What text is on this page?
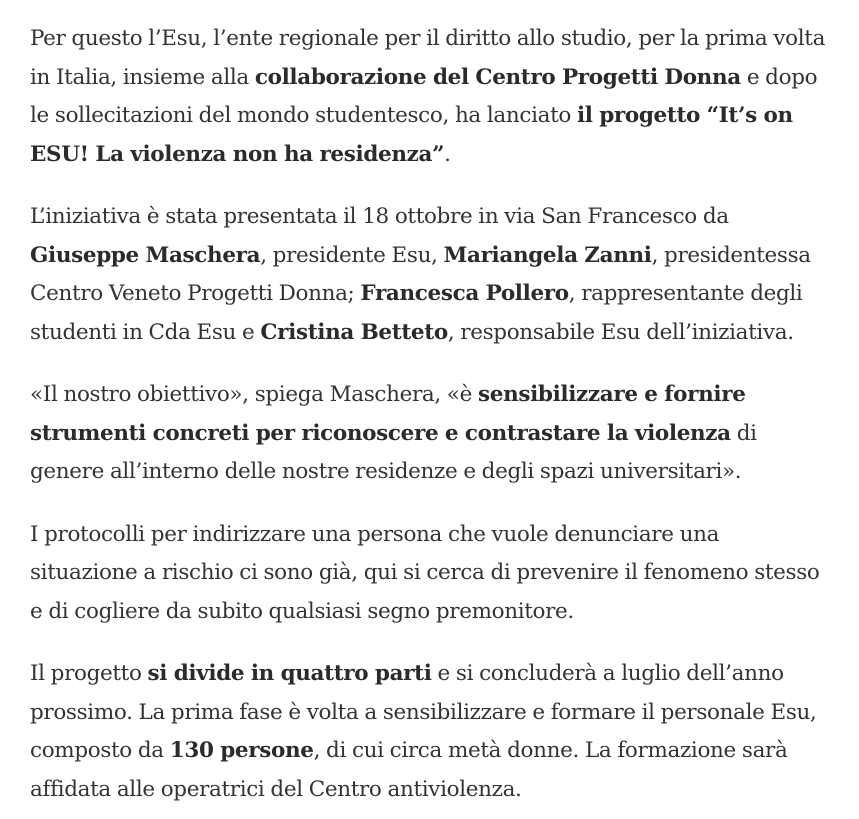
Per questo l’Esu, l’ente regionale per il diritto allo studio, per la prima volta in Italia, insieme alla collaborazione del Centro Progetti Donna e dopo le sollecitazioni del mondo studentesco, ha lanciato il progetto “It’s on ESU! La violenza non ha residenza”.

L’iniziativa è stata presentata il 18 ottobre in via San Francesco da Giuseppe Maschera, presidente Esu, Mariangela Zanni, presidentessa Centro Veneto Progetti Donna; Francesca Pollero, rappresentante degli studenti in Cda Esu e Cristina Betteto, responsabile Esu dell’iniziativa.

«Il nostro obiettivo», spiega Maschera, «è sensibilizzare e fornire strumenti concreti per riconoscere e contrastare la violenza di genere all’interno delle nostre residenze e degli spazi universitari».

I protocolli per indirizzare una persona che vuole denunciare una situazione a rischio ci sono già, qui si cerca di prevenire il fenomeno stesso e di cogliere da subito qualsiasi segno premonitore.

Il progetto si divide in quattro parti e si concluderà a luglio dell’anno prossimo. La prima fase è volta a sensibilizzare e formare il personale Esu, composto da 130 persone, di cui circa metà donne. La formazione sarà affidata alle operatrici del Centro antiviolenza.
